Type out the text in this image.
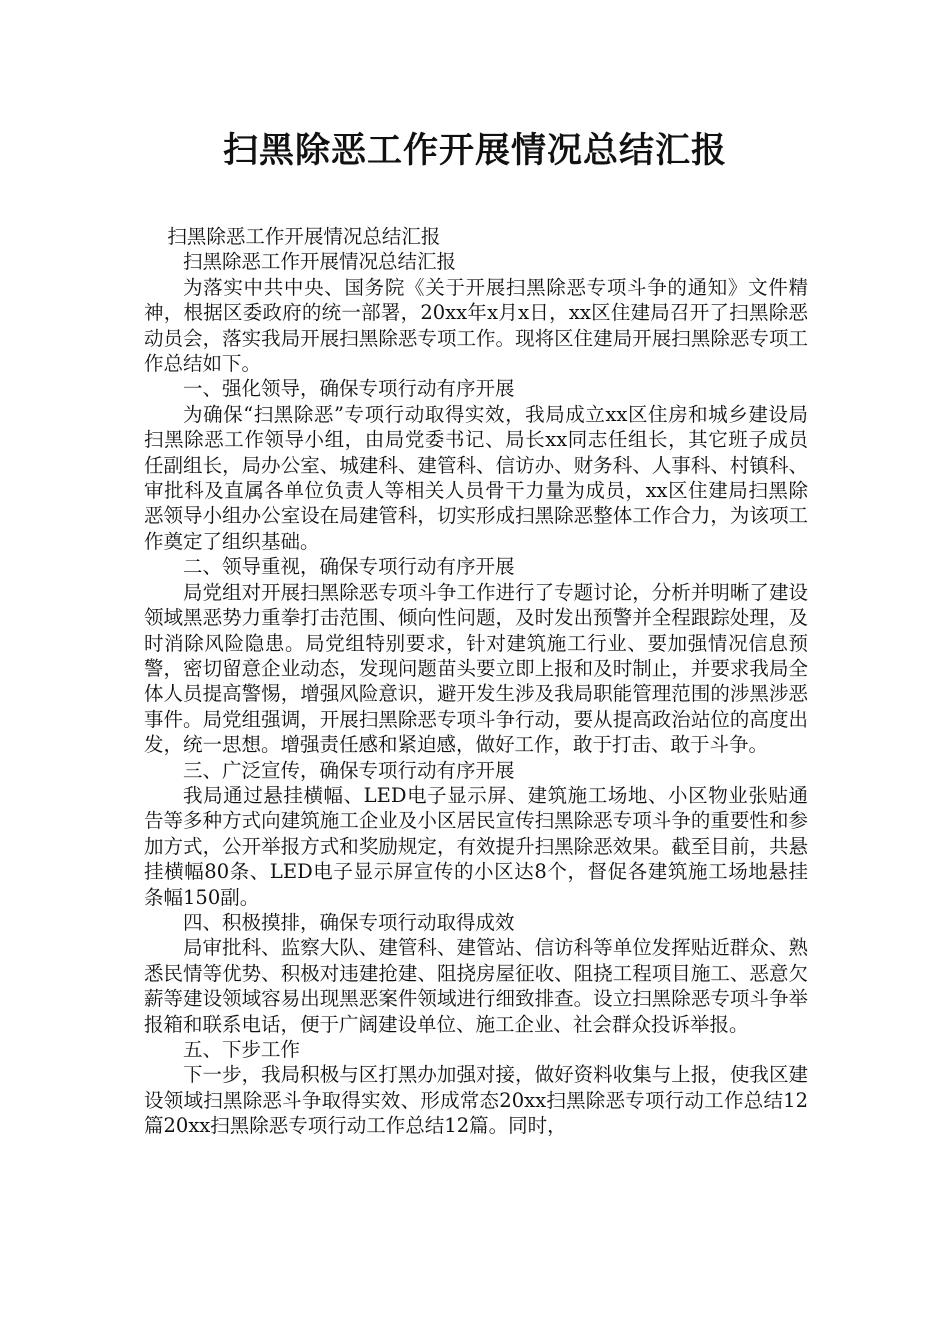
扫黑除恶工作开展情况总结汇报

扫黑除恶工作开展情况总结汇报

扫黑除恶工作开展情况总结汇报

为落实中共中央、国务院《关于开展扫黑除恶专项斗争的通知》文件精神，根据区委政府的统一部署，20xx年x月x日，xx区住建局召开了扫黑除恶动员会，落实我局开展扫黑除恶专项工作。现将区住建局开展扫黑除恶专项工作总结如下。

一、强化领导，确保专项行动有序开展

为确保“扫黑除恶”专项行动取得实效，我局成立xx区住房和城乡建设局扫黑除恶工作领导小组，由局党委书记、局长xx同志任组长，其它班子成员任副组长，局办公室、城建科、建管科、信访办、财务科、人事科、村镇科、审批科及直属各单位负责人等相关人员骨干力量为成员，xx区住建局扫黑除恶领导小组办公室设在局建管科，切实形成扫黑除恶整体工作合力，为该项工作奠定了组织基础。

二、领导重视，确保专项行动有序开展

局党组对开展扫黑除恶专项斗争工作进行了专题讨论，分析并明晰了建设领域黑恶势力重拳打击范围、倾向性问题，及时发出预警并全程跟踪处理，及时消除风险隐患。局党组特别要求，针对建筑施工行业、要加强情况信息预警，密切留意企业动态，发现问题苗头要立即上报和及时制止，并要求我局全体人员提高警惕，增强风险意识，避开发生涉及我局职能管理范围的涉黑涉恶事件。局党组强调，开展扫黑除恶专项斗争行动，要从提高政治站位的高度出发，统一思想。增强责任感和紧迫感，做好工作，敢于打击、敢于斗争。

三、广泛宣传，确保专项行动有序开展

我局通过悬挂横幅、LED电子显示屏、建筑施工场地、小区物业张贴通告等多种方式向建筑施工企业及小区居民宣传扫黑除恶专项斗争的重要性和参加方式，公开举报方式和奖励规定，有效提升扫黑除恶效果。截至目前，共悬挂横幅80条、LED电子显示屏宣传的小区达8个，督促各建筑施工场地悬挂条幅150副。

四、积极摸排，确保专项行动取得成效

局审批科、监察大队、建管科、建管站、信访科等单位发挥贴近群众、熟悉民情等优势、积极对违建抢建、阻挠房屋征收、阻挠工程项目施工、恶意欠薪等建设领域容易出现黑恶案件领域进行细致排查。设立扫黑除恶专项斗争举报箱和联系电话，便于广阔建设单位、施工企业、社会群众投诉举报。

五、下步工作

下一步，我局积极与区打黑办加强对接，做好资料收集与上报，使我区建设领域扫黑除恶斗争取得实效、形成常态20xx扫黑除恶专项行动工作总结12篇20xx扫黑除恶专项行动工作总结12篇。同时，
